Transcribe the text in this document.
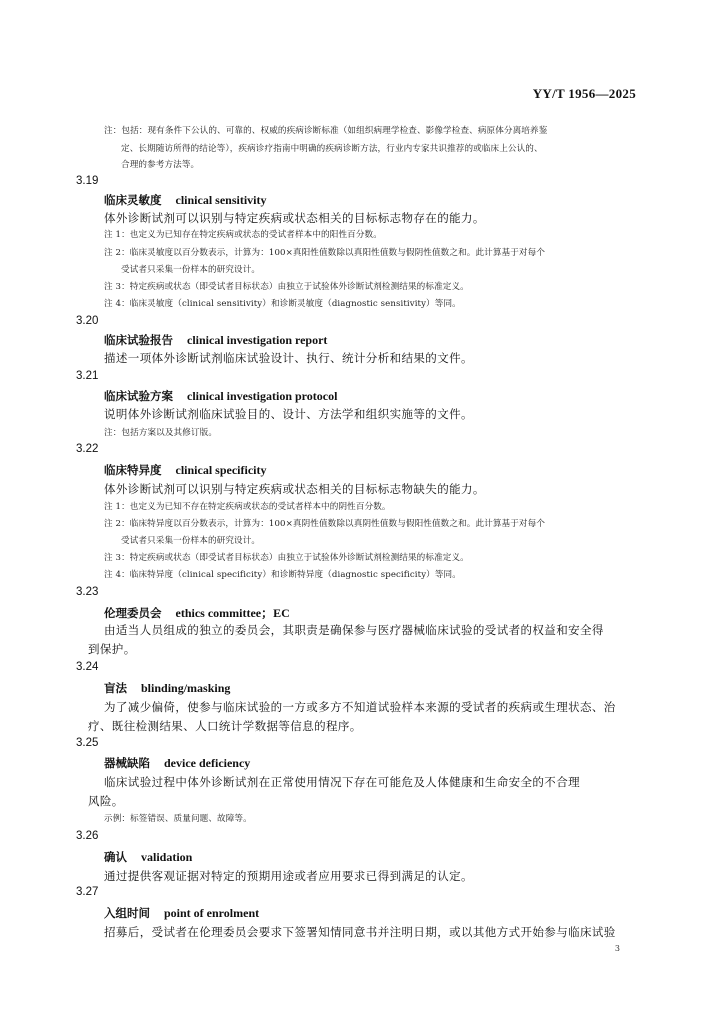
YY/T 1956—2025
注：包括：现有条件下公认的、可靠的、权威的疾病诊断标准（如组织病理学检查、影像学检查、病原体分离培养鉴
定、长期随访所得的结论等），疾病诊疗指南中明确的疾病诊断方法，行业内专家共识推荐的或临床上公认的、
合理的参考方法等。
3.19
临床灵敏度 clinical sensitivity
体外诊断试剂可以识别与特定疾病或状态相关的目标标志物存在的能力。
注 1：也定义为已知存在特定疾病或状态的受试者样本中的阳性百分数。
注 2：临床灵敏度以百分数表示，计算为：100×真阳性值数除以真阳性值数与假阴性值数之和。此计算基于对每个
受试者只采集一份样本的研究设计。
注 3：特定疾病或状态（即受试者目标状态）由独立于试验体外诊断试剂检测结果的标准定义。
注 4：临床灵敏度（clinical sensitivity）和诊断灵敏度（diagnostic sensitivity）等同。
3.20
临床试验报告 clinical investigation report
描述一项体外诊断试剂临床试验设计、执行、统计分析和结果的文件。
3.21
临床试验方案 clinical investigation protocol
说明体外诊断试剂临床试验目的、设计、方法学和组织实施等的文件。
注：包括方案以及其修订版。
3.22
临床特异度 clinical specificity
体外诊断试剂可以识别与特定疾病或状态相关的目标标志物缺失的能力。
注 1：也定义为已知不存在特定疾病或状态的受试者样本中的阴性百分数。
注 2：临床特异度以百分数表示，计算为：100×真阴性值数除以真阴性值数与假阳性值数之和。此计算基于对每个
受试者只采集一份样本的研究设计。
注 3：特定疾病或状态（即受试者目标状态）由独立于试验体外诊断试剂检测结果的标准定义。
注 4：临床特异度（clinical specificity）和诊断特异度（diagnostic specificity）等同。
3.23
伦理委员会 ethics committee；EC
由适当人员组成的独立的委员会，其职责是确保参与医疗器械临床试验的受试者的权益和安全得
到保护。
3.24
盲法 blinding/masking
为了减少偏倚，使参与临床试验的一方或多方不知道试验样本来源的受试者的疾病或生理状态、治
疗、既往检测结果、人口统计学数据等信息的程序。
3.25
器械缺陷 device deficiency
临床试验过程中体外诊断试剂在正常使用情况下存在可能危及人体健康和生命安全的不合理
风险。
示例：标签错误、质量问题、故障等。
3.26
确认 validation
通过提供客观证据对特定的预期用途或者应用要求已得到满足的认定。
3.27
入组时间 point of enrolment
招募后，受试者在伦理委员会要求下签署知情同意书并注明日期，或以其他方式开始参与临床试验
3
